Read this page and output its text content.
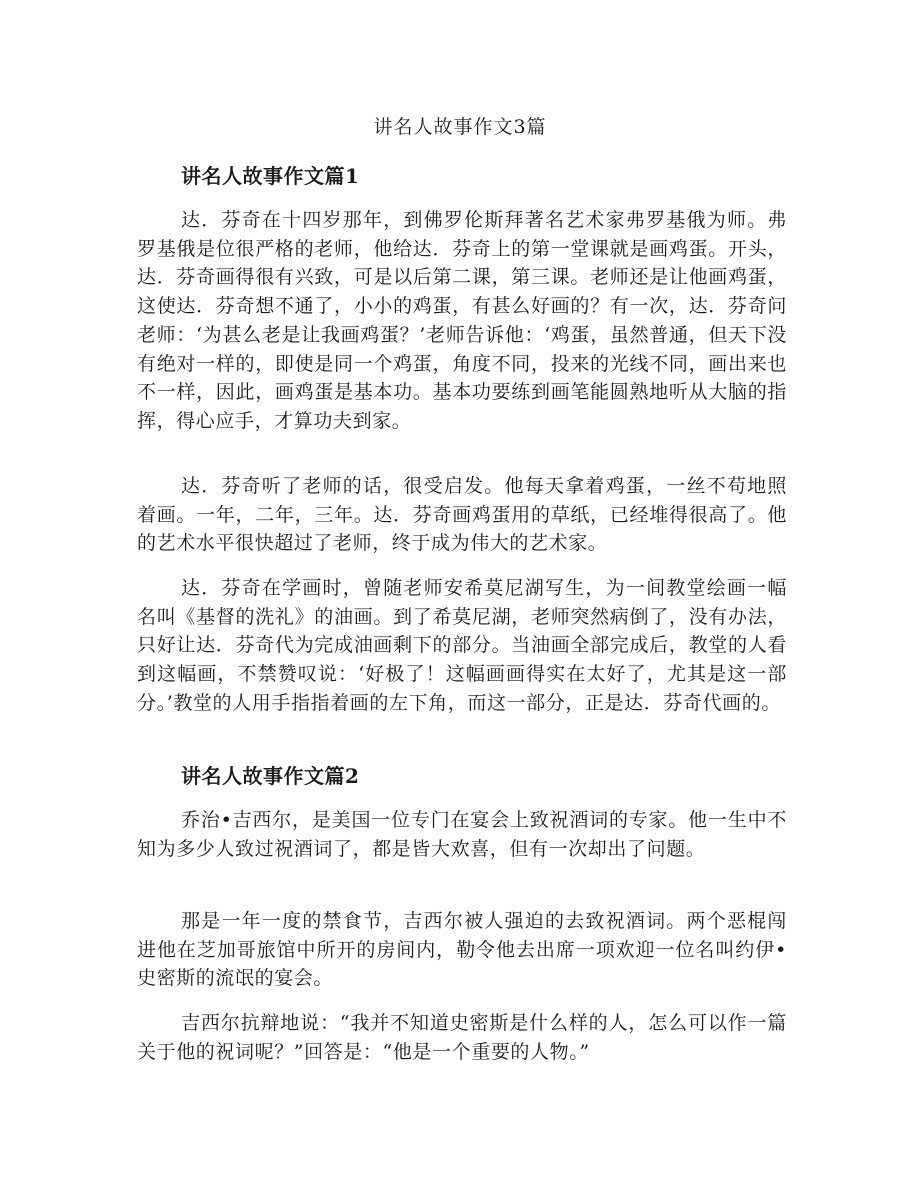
讲名人故事作文3篇
讲名人故事作文篇1

达．芬奇在十四岁那年，到佛罗伦斯拜著名艺术家弗罗基俄为师。弗罗基俄是位很严格的老师，他给达．芬奇上的第一堂课就是画鸡蛋。开头，达．芬奇画得很有兴致，可是以后第二课，第三课。老师还是让他画鸡蛋，这使达．芬奇想不通了，小小的鸡蛋，有甚么好画的？有一次，达．芬奇问老师：‘为甚么老是让我画鸡蛋？’老师告诉他：‘鸡蛋，虽然普通，但天下没有绝对一样的，即使是同一个鸡蛋，角度不同，投来的光线不同，画出来也不一样，因此，画鸡蛋是基本功。基本功要练到画笔能圆熟地听从大脑的指挥，得心应手，才算功夫到家。

达．芬奇听了老师的话，很受启发。他每天拿着鸡蛋，一丝不苟地照着画。一年，二年，三年。达．芬奇画鸡蛋用的草纸，已经堆得很高了。他的艺术水平很快超过了老师，终于成为伟大的艺术家。

达．芬奇在学画时，曾随老师安希莫尼湖写生，为一间教堂绘画一幅名叫《基督的洗礼》的油画。到了希莫尼湖，老师突然病倒了，没有办法，只好让达．芬奇代为完成油画剩下的部分。当油画全部完成后，教堂的人看到这幅画，不禁赞叹说：‘好极了！这幅画画得实在太好了，尤其是这一部分。’教堂的人用手指指着画的左下角，而这一部分，正是达．芬奇代画的。

讲名人故事作文篇2

乔治•吉西尔，是美国一位专门在宴会上致祝酒词的专家。他一生中不知为多少人致过祝酒词了，都是皆大欢喜，但有一次却出了问题。

那是一年一度的禁食节，吉西尔被人强迫的去致祝酒词。两个恶棍闯进他在芝加哥旅馆中所开的房间内，勒令他去出席一项欢迎一位名叫约伊•史密斯的流氓的宴会。

吉西尔抗辩地说：“我并不知道史密斯是什么样的人，怎么可以作一篇关于他的祝词呢？”回答是：“他是一个重要的人物。”
